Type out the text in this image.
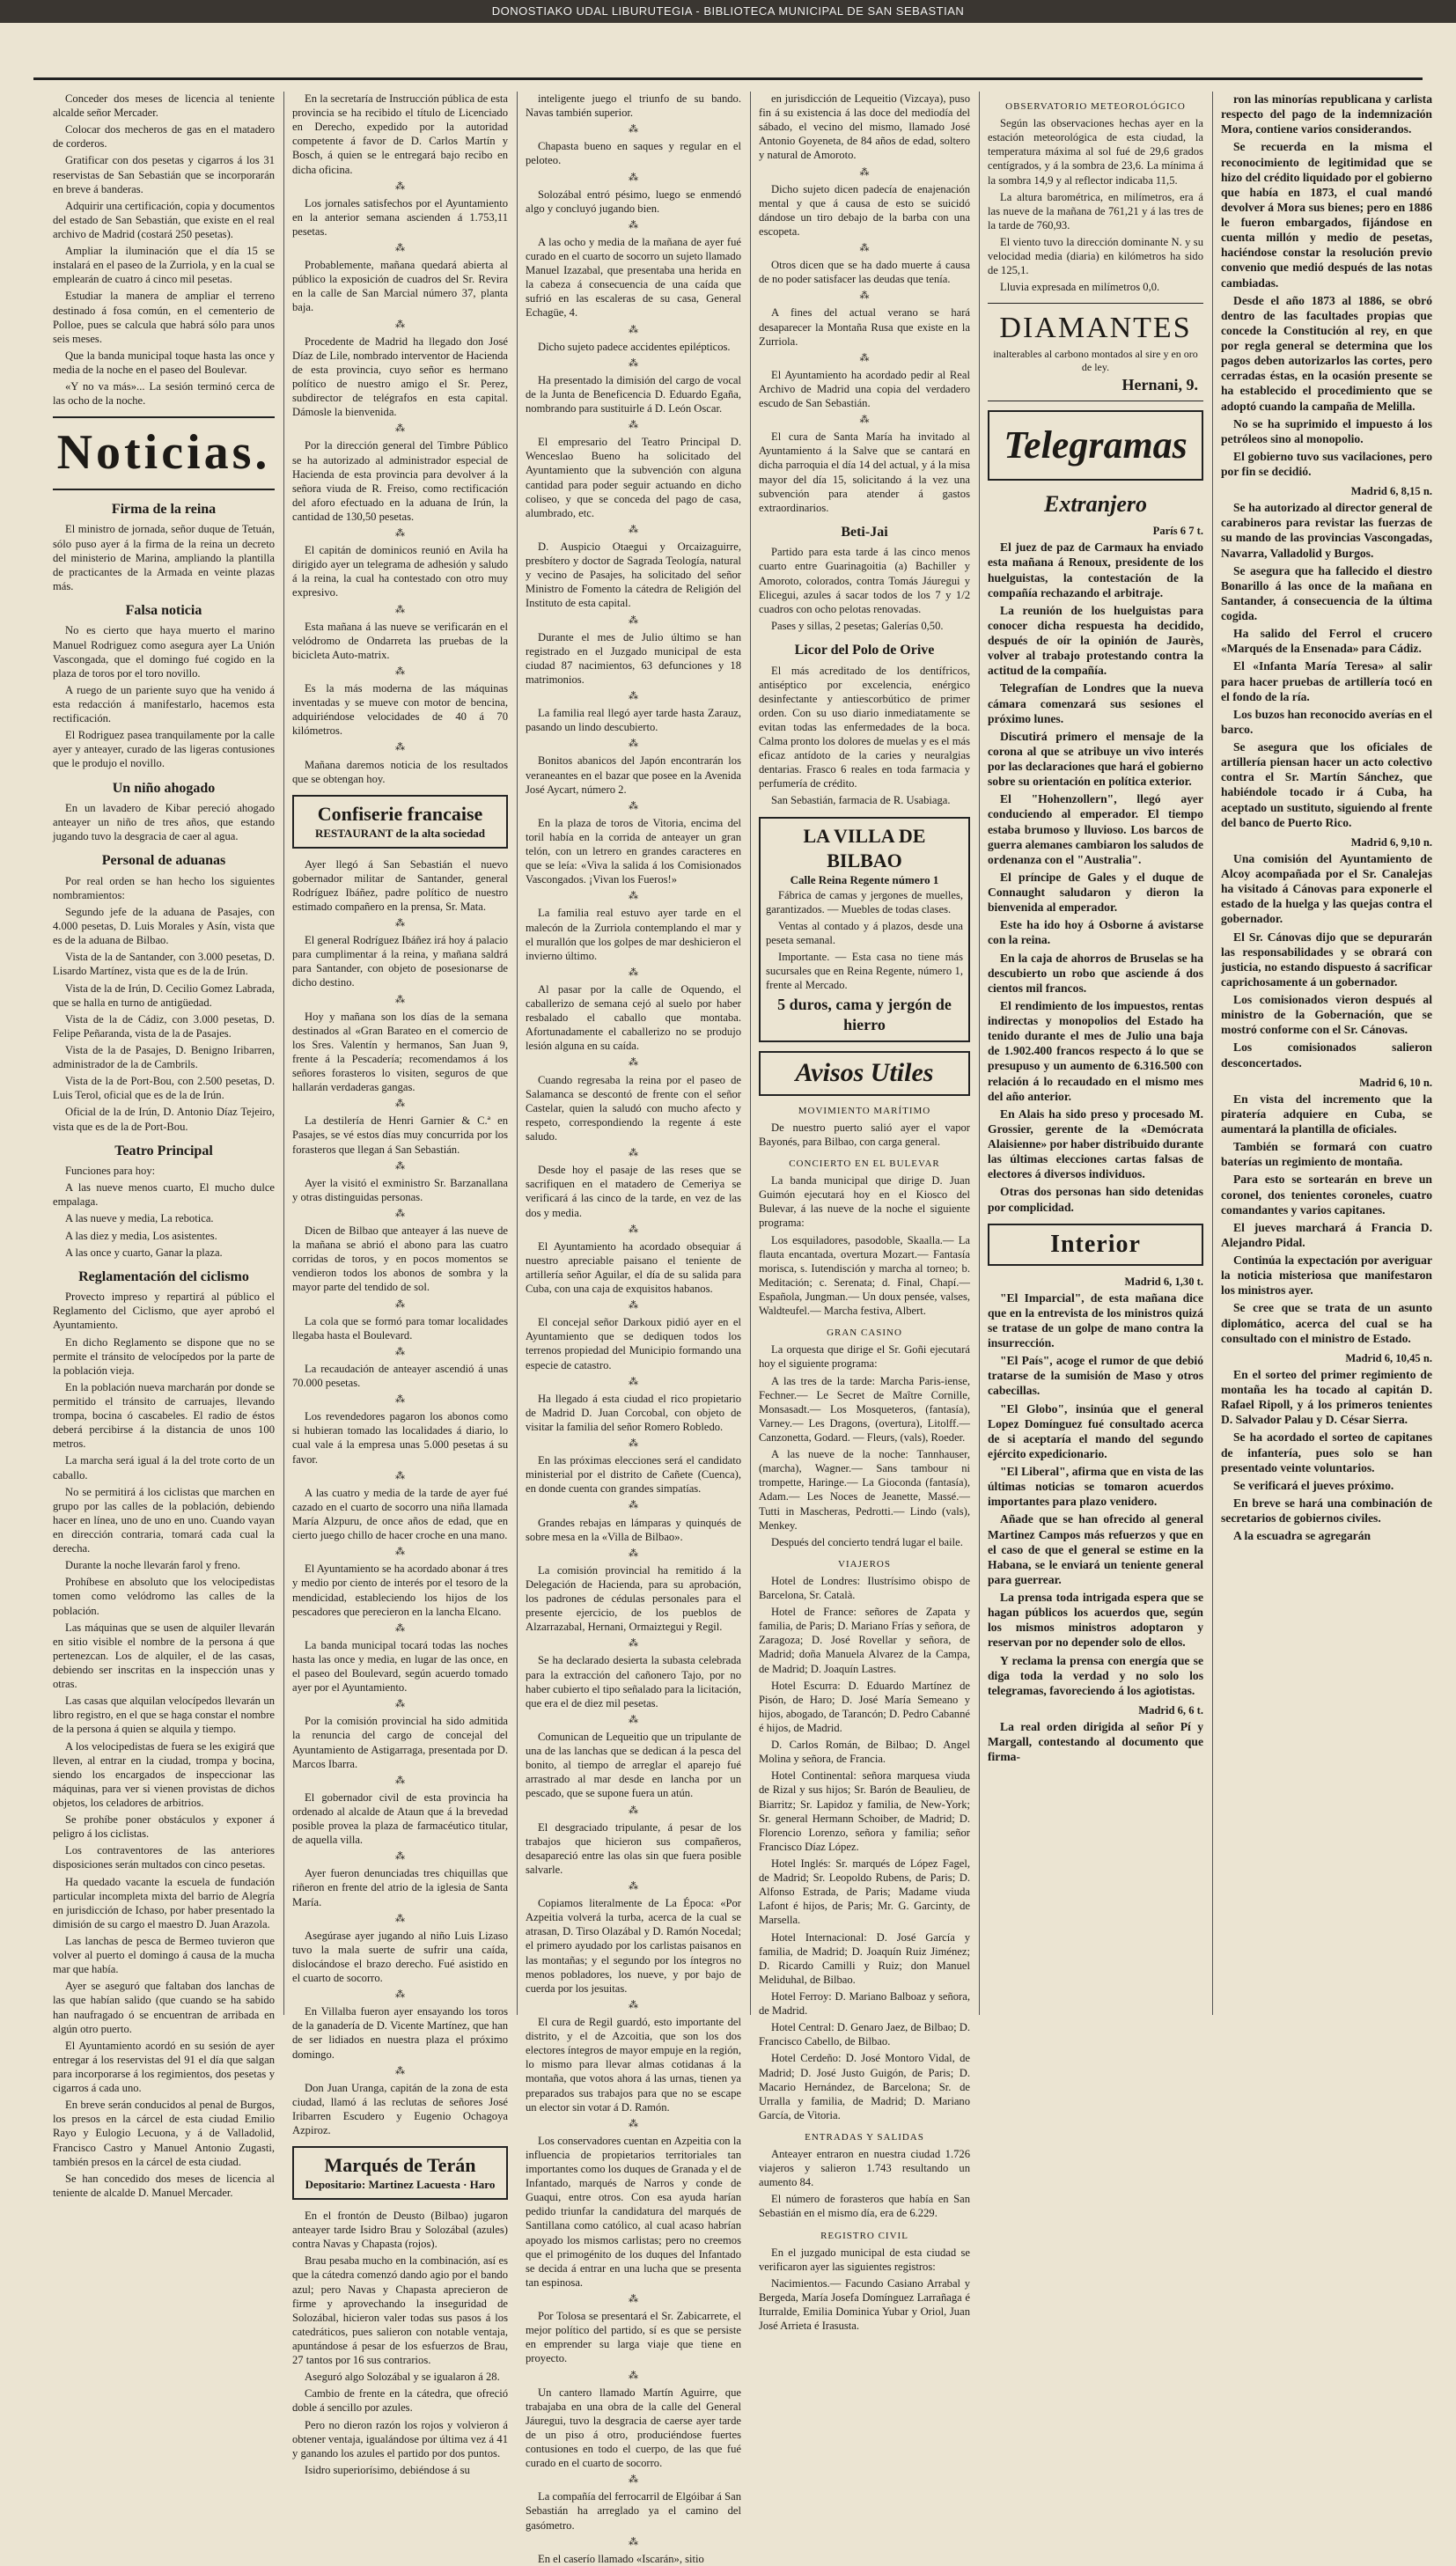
DONOSTIAKO UDAL LIBURUTEGIA - BIBLIOTECA MUNICIPAL DE SAN SEBASTIAN

Conceder dos meses de licencia al teniente alcalde señor Mercader.

Colocar dos mecheros de gas en el matadero de corderos.

Gratificar con dos pesetas y cigarros á los 31 reservistas de San Sebastián que se incorporarán en breve á banderas.

Adquirir una certificación, copia y documentos del estado de San Sebastián, que existe en el real archivo de Madrid (costará 250 pesetas).

Ampliar la iluminación que el día 15 se instalará en el paseo de la Zurriola, y en la cual se emplearán de cuatro á cinco mil pesetas.

Estudiar la manera de ampliar el terreno destinado á fosa común, en el cementerio de Polloe, pues se calcula que habrá sólo para unos seis meses.

Que la banda municipal toque hasta las once y media de la noche en el paseo del Boulevar.

«Y no va más»... La sesión terminó cerca de las ocho de la noche.

Noticias.
Firma de la reina

El ministro de jornada, señor duque de Tetuán, sólo puso ayer á la firma de la reina un decreto del ministerio de Marina, ampliando la plantilla de practicantes de la Armada en veinte plazas más.

Falsa noticia

No es cierto que haya muerto el marino Manuel Rodriguez como asegura ayer La Unión Vascongada, que el domingo fué cogido en la plaza de toros por el toro novillo.

A ruego de un pariente suyo que ha venido á esta redacción á manifestarlo, hacemos esta rectificación.

El Rodriguez pasea tranquilamente por la calle ayer y anteayer, curado de las ligeras contusiones que le produjo el novillo.

Un niño ahogado

En un lavadero de Kibar pereció ahogado anteayer un niño de tres años, que estando jugando tuvo la desgracia de caer al agua.

Personal de aduanas

Por real orden se han hecho los siguientes nombramientos:

Segundo jefe de la aduana de Pasajes, con 4.000 pesetas, D. Luis Morales y Asín, vista que es de la aduana de Bilbao.

Vista de la de Santander, con 3.000 pesetas, D. Lisardo Martínez, vista que es de la de Irún.

Vista de la de Irún, D. Cecilio Gomez Labrada, que se halla en turno de antigüedad.

Vista de la de Cádiz, con 3.000 pesetas, D. Felipe Peñaranda, vista de la de Pasajes.

Vista de la de Pasajes, D. Benigno Iribarren, administrador de la de Cambrils.

Vista de la de Port-Bou, con 2.500 pesetas, D. Luis Terol, oficial que es de la de Irún.

Oficial de la de Irún, D. Antonio Díaz Tejeiro, vista que es de la de Port-Bou.

Teatro Principal

Funciones para hoy:

A las nueve menos cuarto, El mucho dulce empalaga.

A las nueve y media, La rebotica.

A las diez y media, Los asistentes.

A las once y cuarto, Ganar la plaza.

Reglamentación del ciclismo

Provecto impreso y repartirá al público el Reglamento del Ciclismo, que ayer aprobó el Ayuntamiento.

En dicho Reglamento se dispone que no se permite el tránsito de velocípedos por la parte de la población vieja.

En la población nueva marcharán por donde se permitido el tránsito de carruajes, llevando trompa, bocina ó cascabeles. El radio de éstos deberá percibirse á la distancia de unos 100 metros.

La marcha será igual á la del trote corto de un caballo.

No se permitirá á los ciclistas que marchen en grupo por las calles de la población, debiendo hacer en línea, uno de uno en uno. Cuando vayan en dirección contraria, tomará cada cual la derecha.

Durante la noche llevarán farol y freno.

Prohíbese en absoluto que los velocipedistas tomen como velódromo las calles de la población.

Las máquinas que se usen de alquiler llevarán en sitio visible el nombre de la persona á que pertenezcan. Los de alquiler, el de las casas, debiendo ser inscritas en la inspección unas y otras.

Las casas que alquilan velocípedos llevarán un libro registro, en el que se haga constar el nombre de la persona á quien se alquila y tiempo.

A los velocipedistas de fuera se les exigirá que lleven, al entrar en la ciudad, trompa y bocina, siendo los encargados de inspeccionar las máquinas, para ver si vienen provistas de dichos objetos, los celadores de arbitrios.

Se prohíbe poner obstáculos y exponer á peligro á los ciclistas.

Los contraventores de las anteriores disposiciones serán multados con cinco pesetas.

Ha quedado vacante la escuela de fundación particular incompleta mixta del barrio de Alegría en jurisdicción de Ichaso, por haber presentado la dimisión de su cargo el maestro D. Juan Arazola.

Las lanchas de pesca de Bermeo tuvieron que volver al puerto el domingo á causa de la mucha mar que había.

Ayer se aseguró que faltaban dos lanchas de las que habían salido (que cuando se ha sabido han naufragado ó se encuentran de arribada en algún otro puerto.

El Ayuntamiento acordó en su sesión de ayer entregar á los reservistas del 91 el día que salgan para incorporarse á los regimientos, dos pesetas y cigarros á cada uno.

En breve serán conducidos al penal de Burgos, los presos en la cárcel de esta ciudad Emilio Rayo y Eulogio Lecuona, y á de Valladolid, Francisco Castro y Manuel Antonio Zugasti, también presos en la cárcel de esta ciudad.

Se han concedido dos meses de licencia al teniente de alcalde D. Manuel Mercader.

En la secretaría de Instrucción pública de esta provincia se ha recibido el título de Licenciado en Derecho, expedido por la autoridad competente á favor de D. Carlos Martín y Bosch, á quien se le entregará bajo recibo en dicha oficina.

⁂

Los jornales satisfechos por el Ayuntamiento en la anterior semana ascienden á 1.753,11 pesetas.

⁂

Probablemente, mañana quedará abierta al público la exposición de cuadros del Sr. Revira en la calle de San Marcial número 37, planta baja.

⁂

Procedente de Madrid ha llegado don José Díaz de Lile, nombrado interventor de Hacienda de esta provincia, cuyo señor es hermano político de nuestro amigo el Sr. Perez, subdirector de telégrafos en esta capital. Dámosle la bienvenida.

⁂

Por la dirección general del Timbre Público se ha autorizado al administrador especial de Hacienda de esta provincia para devolver á la señora viuda de R. Freiso, como rectificación del aforo efectuado en la aduana de Irún, la cantidad de 130,50 pesetas.

⁂

El capitán de dominicos reunió en Avila ha dirigido ayer un telegrama de adhesión y saludo á la reina, la cual ha contestado con otro muy expresivo.

⁂

Esta mañana á las nueve se verificarán en el velódromo de Ondarreta las pruebas de la bicicleta Auto-matrix.

⁂

Es la más moderna de las máquinas inventadas y se mueve con motor de bencina, adquiriéndose velocidades de 40 á 70 kilómetros.

⁂

Mañana daremos noticia de los resultados que se obtengan hoy.

Confiserie francaise
RESTAURANT de la alta sociedad

Ayer llegó á San Sebastián el nuevo gobernador militar de Santander, general Rodríguez Ibáñez, padre político de nuestro estimado compañero en la prensa, Sr. Mata.

⁂

El general Rodríguez Ibáñez irá hoy á palacio para cumplimentar á la reina, y mañana saldrá para Santander, con objeto de posesionarse de dicho destino.

⁂

Hoy y mañana son los días de la semana destinados al «Gran Barateo en el comercio de los Sres. Valentín y hermanos, San Juan 9, frente á la Pescadería; recomendamos á los señores forasteros lo visiten, seguros de que hallarán verdaderas gangas.

⁂

La destilería de Henri Garnier & C.ª en Pasajes, se vé estos días muy concurrida por los forasteros que llegan á San Sebastián.

⁂

Ayer la visitó el exministro Sr. Barzanallana y otras distinguidas personas.

⁂

Dicen de Bilbao que anteayer á las nueve de la mañana se abrió el abono para las cuatro corridas de toros, y en pocos momentos se vendieron todos los abonos de sombra y la mayor parte del tendido de sol.

⁂

La cola que se formó para tomar localidades llegaba hasta el Boulevard.

⁂

La recaudación de anteayer ascendió á unas 70.000 pesetas.

⁂

Los revendedores pagaron los abonos como si hubieran tomado las localidades á diario, lo cual vale á la empresa unas 5.000 pesetas á su favor.

⁂

A las cuatro y media de la tarde de ayer fué cazado en el cuarto de socorro una niña llamada María Alzpuru, de once años de edad, que en cierto juego chillo de hacer croche en una mano.

⁂

El Ayuntamiento se ha acordado abonar á tres y medio por ciento de interés por el tesoro de la mendicidad, estableciendo los hijos de los pescadores que perecieron en la lancha Elcano.

⁂

La banda municipal tocará todas las noches hasta las once y media, en lugar de las once, en el paseo del Boulevard, según acuerdo tomado ayer por el Ayuntamiento.

⁂

Por la comisión provincial ha sido admitida la renuncia del cargo de concejal del Ayuntamiento de Astigarraga, presentada por D. Marcos Ibarra.

⁂

El gobernador civil de esta provincia ha ordenado al alcalde de Ataun que á la brevedad posible provea la plaza de farmacéutico titular, de aquella villa.

⁂

Ayer fueron denunciadas tres chiquillas que riñeron en frente del atrio de la iglesia de Santa María.

⁂

Asegúrase ayer jugando al niño Luis Lizaso tuvo la mala suerte de sufrir una caída, dislocándose el brazo derecho. Fué asistido en el cuarto de socorro.

⁂

En Villalba fueron ayer ensayando los toros de la ganadería de D. Vicente Martínez, que han de ser lidiados en nuestra plaza el próximo domingo.

⁂

Don Juan Uranga, capitán de la zona de esta ciudad, llamó á las reclutas de señores José Iribarren Escudero y Eugenio Ochagoya Azpiroz.

Marqués de Terán
Depositario: Martinez Lacuesta · Haro

En el frontón de Deusto (Bilbao) jugaron anteayer tarde Isidro Brau y Solozábal (azules) contra Navas y Chapasta (rojos).

Brau pesaba mucho en la combinación, así es que la cátedra comenzó dando agio por el bando azul; pero Navas y Chapasta aprecieron de firme y aprovechando la inseguridad de Solozábal, hicieron valer todas sus pasos á los catedráticos, pues salieron con notable ventaja, apuntándose á pesar de los esfuerzos de Brau, 27 tantos por 16 sus contrarios.

Aseguró algo Solozábal y se igualaron á 28.

Cambio de frente en la cátedra, que ofreció doble á sencillo por azules.

Pero no dieron razón los rojos y volvieron á obtener ventaja, igualándose por última vez á 41 y ganando los azules el partido por dos puntos.

Isidro superiorísimo, debiéndose á su

inteligente juego el triunfo de su bando. Navas también superior.

⁂

Chapasta bueno en saques y regular en el peloteo.

⁂

Solozábal entró pésimo, luego se enmendó algo y concluyó jugando bien.

⁂

A las ocho y media de la mañana de ayer fué curado en el cuarto de socorro un sujeto llamado Manuel Izazabal, que presentaba una herida en la cabeza á consecuencia de una caída que sufrió en las escaleras de su casa, General Echagüe, 4.

⁂

Dicho sujeto padece accidentes epilépticos.

⁂

Ha presentado la dimisión del cargo de vocal de la Junta de Beneficencia D. Eduardo Egaña, nombrando para sustituirle á D. León Oscar.

⁂

El empresario del Teatro Principal D. Wenceslao Bueno ha solicitado del Ayuntamiento que la subvención con alguna cantidad para poder seguir actuando en dicho coliseo, y que se conceda del pago de casa, alumbrado, etc.

⁂

D. Auspicio Otaegui y Orcaizaguirre, presbítero y doctor de Sagrada Teología, natural y vecino de Pasajes, ha solicitado del señor Ministro de Fomento la cátedra de Religión del Instituto de esta capital.

⁂

Durante el mes de Julio último se han registrado en el Juzgado municipal de esta ciudad 87 nacimientos, 63 defunciones y 18 matrimonios.

⁂

La familia real llegó ayer tarde hasta Zarauz, pasando un lindo descubierto.

⁂

Bonitos abanicos del Japón encontrarán los veraneantes en el bazar que posee en la Avenida José Aycart, número 2.

⁂

En la plaza de toros de Vitoria, encima del toril había en la corrida de anteayer un gran telón, con un letrero en grandes caracteres en que se leía: «Viva la salida á los Comisionados Vascongados. ¡Vivan los Fueros!»

⁂

La familia real estuvo ayer tarde en el malecón de la Zurriola contemplando el mar y el murallón que los golpes de mar deshicieron el invierno último.

⁂

Al pasar por la calle de Oquendo, el caballerizo de semana cejó al suelo por haber resbalado el caballo que montaba. Afortunadamente el caballerizo no se produjo lesión alguna en su caída.

⁂

Cuando regresaba la reina por el paseo de Salamanca se descontó de frente con el señor Castelar, quien la saludó con mucho afecto y respeto, correspondiendo la regente á este saludo.

⁂

Desde hoy el pasaje de las reses que se sacrifiquen en el matadero de Cemeriya se verificará á las cinco de la tarde, en vez de las dos y media.

⁂

El Ayuntamiento ha acordado obsequiar á nuestro apreciable paisano el teniente de artillería señor Aguilar, el día de su salida para Cuba, con una caja de exquisitos habanos.

⁂

El concejal señor Darkoux pidió ayer en el Ayuntamiento que se dediquen todos los terrenos propiedad del Municipio formando una especie de catastro.

⁂

Ha llegado á esta ciudad el rico propietario de Madrid D. Juan Corcobal, con objeto de visitar la familia del señor Romero Robledo.

⁂

En las próximas elecciones será el candidato ministerial por el distrito de Cañete (Cuenca), en donde cuenta con grandes simpatías.

⁂

Grandes rebajas en lámparas y quinqués de sobre mesa en la «Villa de Bilbao».

⁂

La comisión provincial ha remitido á la Delegación de Hacienda, para su aprobación, los padrones de cédulas personales para el presente ejercicio, de los pueblos de Alzarrazabal, Hernani, Ormaiztegui y Regil.

⁂

Se ha declarado desierta la subasta celebrada para la extracción del cañonero Tajo, por no haber cubierto el tipo señalado para la licitación, que era el de diez mil pesetas.

⁂

Comunican de Lequeitio que un tripulante de una de las lanchas que se dedican á la pesca del bonito, al tiempo de arreglar el aparejo fué arrastrado al mar desde en lancha por un pescado, que se supone fuera un atún.

⁂

El desgraciado tripulante, á pesar de los trabajos que hicieron sus compañeros, desapareció entre las olas sin que fuera posible salvarle.

⁂

Copiamos literalmente de La Época: «Por Azpeitia volverá la turba, acerca de la cual se atrasan, D. Tirso Olazábal y D. Ramón Nocedal; el primero ayudado por los carlistas paisanos en las montañas; y el segundo por los íntegros no menos pobladores, los nueve, y por bajo de cuerda por los jesuitas.

⁂

El cura de Regil guardó, esto importante del distrito, y el de Azcoitia, que son los dos electores íntegros de mayor empuje en la región, lo mismo para llevar almas cotidanas á la montaña, que votos ahora á las urnas, tienen ya preparados sus trabajos para que no se escape un elector sin votar á D. Ramón.

⁂

Los conservadores cuentan en Azpeitia con la influencia de propietarios territoriales tan importantes como los duques de Granada y el de Infantado, marqués de Narros y conde de Guaqui, entre otros. Con esa ayuda harían pedido triunfar la candidatura del marqués de Santillana como católico, al cual acaso habrían apoyado los mismos carlistas; pero no creemos que el primogénito de los duques del Infantado se decida á entrar en una lucha que se presenta tan espinosa.

⁂

Por Tolosa se presentará el Sr. Zabicarrete, el mejor político del partido, sí es que se persiste en emprender su larga viaje que tiene en proyecto.

⁂

Un cantero llamado Martín Aguirre, que trabajaba en una obra de la calle del General Jáuregui, tuvo la desgracia de caerse ayer tarde de un piso á otro, produciéndose fuertes contusiones en todo el cuerpo, de las que fué curado en el cuarto de socorro.

⁂

La compañía del ferrocarril de Elgóibar á San Sebastián ha arreglado ya el camino del gasómetro.

⁂

En el caserío llamado «Iscarán», sitio

en jurisdicción de Lequeitio (Vizcaya), puso fin á su existencia á las doce del mediodía del sábado, el vecino del mismo, llamado José Antonio Goyeneta, de 84 años de edad, soltero y natural de Amoroto.

⁂

Dicho sujeto dicen padecía de enajenación mental y que á causa de esto se suicidó dándose un tiro debajo de la barba con una escopeta.

⁂

Otros dicen que se ha dado muerte á causa de no poder satisfacer las deudas que tenía.

⁂

A fines del actual verano se hará desaparecer la Montaña Rusa que existe en la Zurriola.

⁂

El Ayuntamiento ha acordado pedir al Real Archivo de Madrid una copia del verdadero escudo de San Sebastián.

⁂

El cura de Santa María ha invitado al Ayuntamiento á la Salve que se cantará en dicha parroquia el día 14 del actual, y á la misa mayor del día 15, solicitando á la vez una subvención para atender á gastos extraordinarios.

Beti-Jai

Partido para esta tarde á las cinco menos cuarto entre Guarinagoitia (a) Bachiller y Amoroto, colorados, contra Tomás Jáuregui y Elicegui, azules á sacar todos de los 7 y 1/2 cuadros con ocho pelotas renovadas.

Pases y sillas, 2 pesetas; Galerías 0,50.

Licor del Polo de Orive

El más acreditado de los dentífricos, antiséptico por excelencia, enérgico desinfectante y antiescorbútico de primer orden. Con su uso diario inmediatamente se evitan todas las enfermedades de la boca. Calma pronto los dolores de muelas y es el más eficaz antídoto de la caries y neuralgias dentarias. Frasco 6 reales en toda farmacia y perfumería de crédito.

San Sebastián, farmacia de R. Usabiaga.

LA VILLA DE BILBAO
Calle Reina Regente número 1

Fábrica de camas y jergones de muelles, garantizados. — Muebles de todas clases.

Ventas al contado y á plazos, desde una peseta semanal.

Importante. — Esta casa no tiene más sucursales que en Reina Regente, número 1, frente al Mercado.

5 duros, cama y jergón de hierro
Avisos Utiles
MOVIMIENTO MARÍTIMO

De nuestro puerto salió ayer el vapor Bayonés, para Bilbao, con carga general.

CONCIERTO EN EL BULEVAR

La banda municipal que dirige D. Juan Guimón ejecutará hoy en el Kiosco del Bulevar, á las nueve de la noche el siguiente programa:

Los esquiladores, pasodoble, Skaalla.— La flauta encantada, overtura Mozart.— Fantasía morisca, s. Iutendisción y marcha al torneo; b. Meditación; c. Serenata; d. Final, Chapí.— Española, Jungman.— Un doux pensée, valses, Waldteufel.— Marcha festiva, Albert.

GRAN CASINO

La orquesta que dirige el Sr. Goñi ejecutará hoy el siguiente programa:

A las tres de la tarde: Marcha Paris-iense, Fechner.— Le Secret de Maître Cornille, Monsasadt.— Los Mosqueteros, (fantasía), Varney.— Les Dragons, (overtura), Litolff.— Canzonetta, Godard. — Fleurs, (vals), Roeder.

A las nueve de la noche: Tannhauser, (marcha), Wagner.— Sans tambour ni trompette, Haringe.— La Gioconda (fantasía), Adam.— Les Noces de Jeanette, Massé.— Tutti in Mascheras, Pedrotti.— Lindo (vals), Menkey.

Después del concierto tendrá lugar el baile.

VIAJEROS

Hotel de Londres: Ilustrísimo obispo de Barcelona, Sr. Català.

Hotel de France: señores de Zapata y familia, de Paris; D. Mariano Frías y señora, de Zaragoza; D. José Rovellar y señora, de Madrid; doña Manuela Alvarez de la Campa, de Madrid; D. Joaquín Lastres.

Hotel Escurra: D. Eduardo Martínez de Pisón, de Haro; D. José María Semeano y hijos, abogado, de Tarancón; D. Pedro Cabanné é hijos, de Madrid.

D. Carlos Román, de Bilbao; D. Angel Molina y señora, de Francia.

Hotel Continental: señora marquesa viuda de Rizal y sus hijos; Sr. Barón de Beaulieu, de Biarritz; Sr. Lapidoz y familia, de New-York; Sr. general Hermann Schoiber, de Madrid; D. Florencio Lorenzo, señora y familia; señor Francisco Díaz López.

Hotel Inglés: Sr. marqués de López Fagel, de Madrid; Sr. Leopoldo Rubens, de Paris; D. Alfonso Estrada, de Paris; Madame viuda Lafont é hijos, de Paris; Mr. G. Garcinty, de Marsella.

Hotel Internacional: D. José García y familia, de Madrid; D. Joaquín Ruiz Jiménez; D. Ricardo Camilli y Ruiz; don Manuel Meliduhal, de Bilbao.

Hotel Ferroy: D. Mariano Balboaz y señora, de Madrid.

Hotel Central: D. Genaro Jaez, de Bilbao; D. Francisco Cabello, de Bilbao.

Hotel Cerdeño: D. José Montoro Vidal, de Madrid; D. José Justo Guigón, de Paris; D. Macario Hernández, de Barcelona; Sr. de Urralla y familia, de Madrid; D. Mariano García, de Vitoria.

ENTRADAS Y SALIDAS

Anteayer entraron en nuestra ciudad 1.726 viajeros y salieron 1.743 resultando un aumento 84.

El número de forasteros que había en San Sebastián en el mismo día, era de 6.229.

REGISTRO CIVIL

En el juzgado municipal de esta ciudad se verificaron ayer las siguientes registros:

Nacimientos.— Facundo Casiano Arrabal y Bergeda, María Josefa Domínguez Larrañaga é Iturralde, Emilia Dominica Yubar y Oriol, Juan José Arrieta é Irasusta.

OBSERVATORIO METEOROLÓGICO

Según las observaciones hechas ayer en la estación meteorológica de esta ciudad, la temperatura máxima al sol fué de 29,6 grados centígrados, y á la sombra de 23,6. La mínima á la sombra 14,9 y al reflector indicaba 11,5.

La altura barométrica, en milímetros, era á las nueve de la mañana de 761,21 y á las tres de la tarde de 760,93.

El viento tuvo la dirección dominante N. y su velocidad media (diaria) en kilómetros ha sido de 125,1.

Lluvia expresada en milímetros 0,0.

DIAMANTES
inalterables al carbono montados al sire y en oro de ley.
Hernani, 9.
Telegramas
Extranjero
París 6 7 t.

El juez de paz de Carmaux ha enviado esta mañana á Renoux, presidente de los huelguistas, la contestación de la compañía rechazando el arbitraje.

La reunión de los huelguistas para conocer dicha respuesta ha decidido, después de oír la opinión de Jaurès, volver al trabajo protestando contra la actitud de la compañía.

Telegrafían de Londres que la nueva cámara comenzará sus sesiones el próximo lunes.

Discutirá primero el mensaje de la corona al que se atribuye un vivo interés por las declaraciones que hará el gobierno sobre su orientación en política exterior.

El "Hohenzollern", llegó ayer conduciendo al emperador. El tiempo estaba brumoso y lluvioso. Los barcos de guerra alemanes cambiaron los saludos de ordenanza con el "Australia".

El príncipe de Gales y el duque de Connaught saludaron y dieron la bienvenida al emperador.

Este ha ido hoy á Osborne á avistarse con la reina.

En la caja de ahorros de Bruselas se ha descubierto un robo que asciende á dos cientos mil francos.

El rendimiento de los impuestos, rentas indirectas y monopolios del Estado ha tenido durante el mes de Julio una baja de 1.902.400 francos respecto á lo que se presupuso y un aumento de 6.316.500 con relación á lo recaudado en el mismo mes del año anterior.

En Alais ha sido preso y procesado M. Grossier, gerente de la «Demócrata Alaisienne» por haber distribuido durante las últimas elecciones cartas falsas de electores á diversos individuos.

Otras dos personas han sido detenidas por complicidad.

Interior
Madrid 6, 1,30 t.

"El Imparcial", de esta mañana dice que en la entrevista de los ministros quizá se tratase de un golpe de mano contra la insurrección.

"El País", acoge el rumor de que debió tratarse de la sumisión de Maso y otros cabecillas.

"El Globo", insinúa que el general Lopez Domínguez fué consultado acerca de si aceptaría el mando del segundo ejército expedicionario.

"El Liberal", afirma que en vista de las últimas noticias se tomaron acuerdos importantes para plazo venidero.

Añade que se han ofrecido al general Martinez Campos más refuerzos y que en el caso de que el general se estime en la Habana, se le enviará un teniente general para guerrear.

La prensa toda intrigada espera que se hagan públicos los acuerdos que, según los mismos ministros adoptaron y reservan por no depender solo de ellos.

Y reclama la prensa con energía que se diga toda la verdad y no solo los telegramas, favoreciendo á los agiotistas.

Madrid 6, 6 t.

La real orden dirigida al señor Pí y Margall, contestando al documento que firma-

ron las minorías republicana y carlista respecto del pago de la indemnización Mora, contiene varios considerandos.

Se recuerda en la misma el reconocimiento de legitimidad que se hizo del crédito liquidado por el gobierno que había en 1873, el cual mandó devolver á Mora sus bienes; pero en 1886 le fueron embargados, fijándose en cuenta millón y medio de pesetas, haciéndose constar la resolución previo convenio que medió después de las notas cambiadas.

Desde el año 1873 al 1886, se obró dentro de las facultades propias que concede la Constitución al rey, en que por regla general se determina que los pagos deben autorizarlos las cortes, pero cerradas éstas, en la ocasión presente se ha establecido el procedimiento que se adoptó cuando la campaña de Melilla.

No se ha suprimido el impuesto á los petróleos sino al monopolio.

El gobierno tuvo sus vacilaciones, pero por fin se decidió.

Madrid 6, 8,15 n.

Se ha autorizado al director general de carabineros para revistar las fuerzas de su mando de las provincias Vascongadas, Navarra, Valladolid y Burgos.

Se asegura que ha fallecido el diestro Bonarillo á las once de la mañana en Santander, á consecuencia de la última cogida.

Ha salido del Ferrol el crucero «Marqués de la Ensenada» para Cádiz.

El «Infanta María Teresa» al salir para hacer pruebas de artillería tocó en el fondo de la ría.

Los buzos han reconocido averías en el barco.

Se asegura que los oficiales de artillería piensan hacer un acto colectivo contra el Sr. Martín Sánchez, que habiéndole tocado ir á Cuba, ha aceptado un sustituto, siguiendo al frente del banco de Puerto Rico.

Madrid 6, 9,10 n.

Una comisión del Ayuntamiento de Alcoy acompañada por el Sr. Canalejas ha visitado á Cánovas para exponerle el estado de la huelga y las quejas contra el gobernador.

El Sr. Cánovas dijo que se depurarán las responsabilidades y se obrará con justicia, no estando dispuesto á sacrificar caprichosamente á un gobernador.

Los comisionados vieron después al ministro de la Gobernación, que se mostró conforme con el Sr. Cánovas.

Los comisionados salieron desconcertados.

Madrid 6, 10 n.

En vista del incremento que la piratería adquiere en Cuba, se aumentará la plantilla de oficiales.

También se formará con cuatro baterías un regimiento de montaña.

Para esto se sortearán en breve un coronel, dos tenientes coroneles, cuatro comandantes y varios capitanes.

El jueves marchará á Francia D. Alejandro Pidal.

Continúa la expectación por averiguar la noticia misteriosa que manifestaron los ministros ayer.

Se cree que se trata de un asunto diplomático, acerca del cual se ha consultado con el ministro de Estado.

Madrid 6, 10,45 n.

En el sorteo del primer regimiento de montaña les ha tocado al capitán D. Rafael Ripoll, y á los primeros tenientes D. Salvador Palau y D. César Sierra.

Se ha acordado el sorteo de capitanes de infantería, pues solo se han presentado veinte voluntarios.

Se verificará el jueves próximo.

En breve se hará una combinación de secretarios de gobiernos civiles.

A la escuadra se agregarán
